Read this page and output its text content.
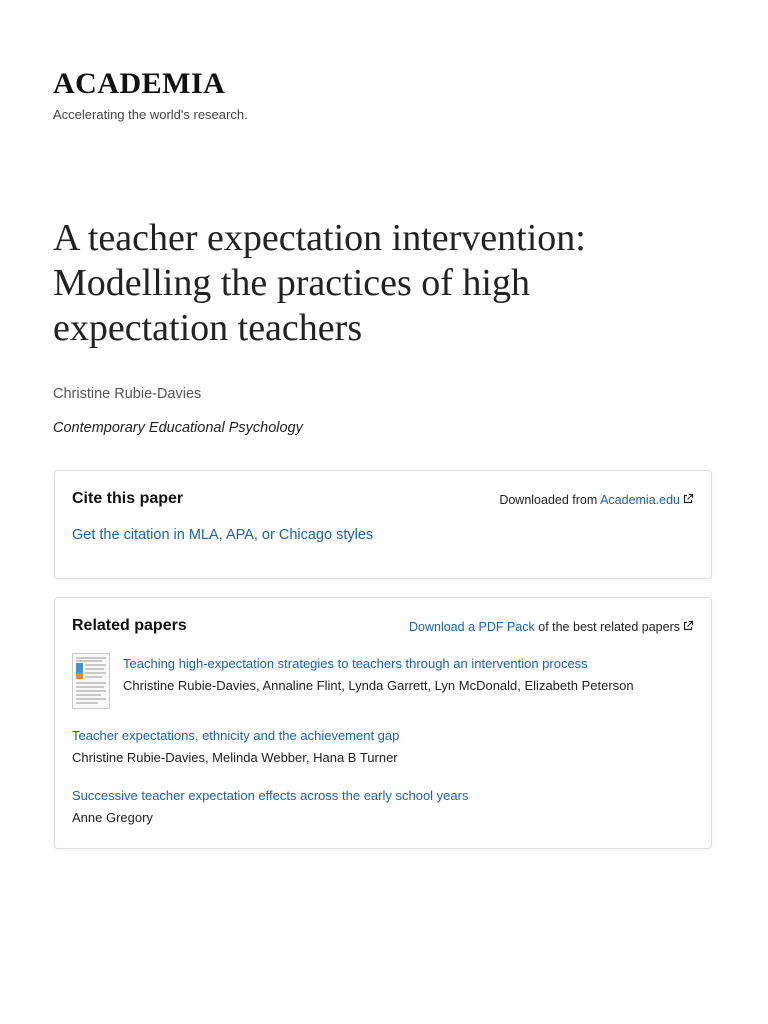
ACADEMIA
Accelerating the world's research.
A teacher expectation intervention: Modelling the practices of high expectation teachers
Christine Rubie-Davies
Contemporary Educational Psychology
Cite this paper	Downloaded from Academia.edu
Get the citation in MLA, APA, or Chicago styles
Related papers	Download a PDF Pack of the best related papers
Teaching high-expectation strategies to teachers through an intervention process
Christine Rubie-Davies, Annaline Flint, Lynda Garrett, Lyn McDonald, Elizabeth Peterson
Teacher expectations, ethnicity and the achievement gap
Christine Rubie-Davies, Melinda Webber, Hana B Turner
Successive teacher expectation effects across the early school years
Anne Gregory
